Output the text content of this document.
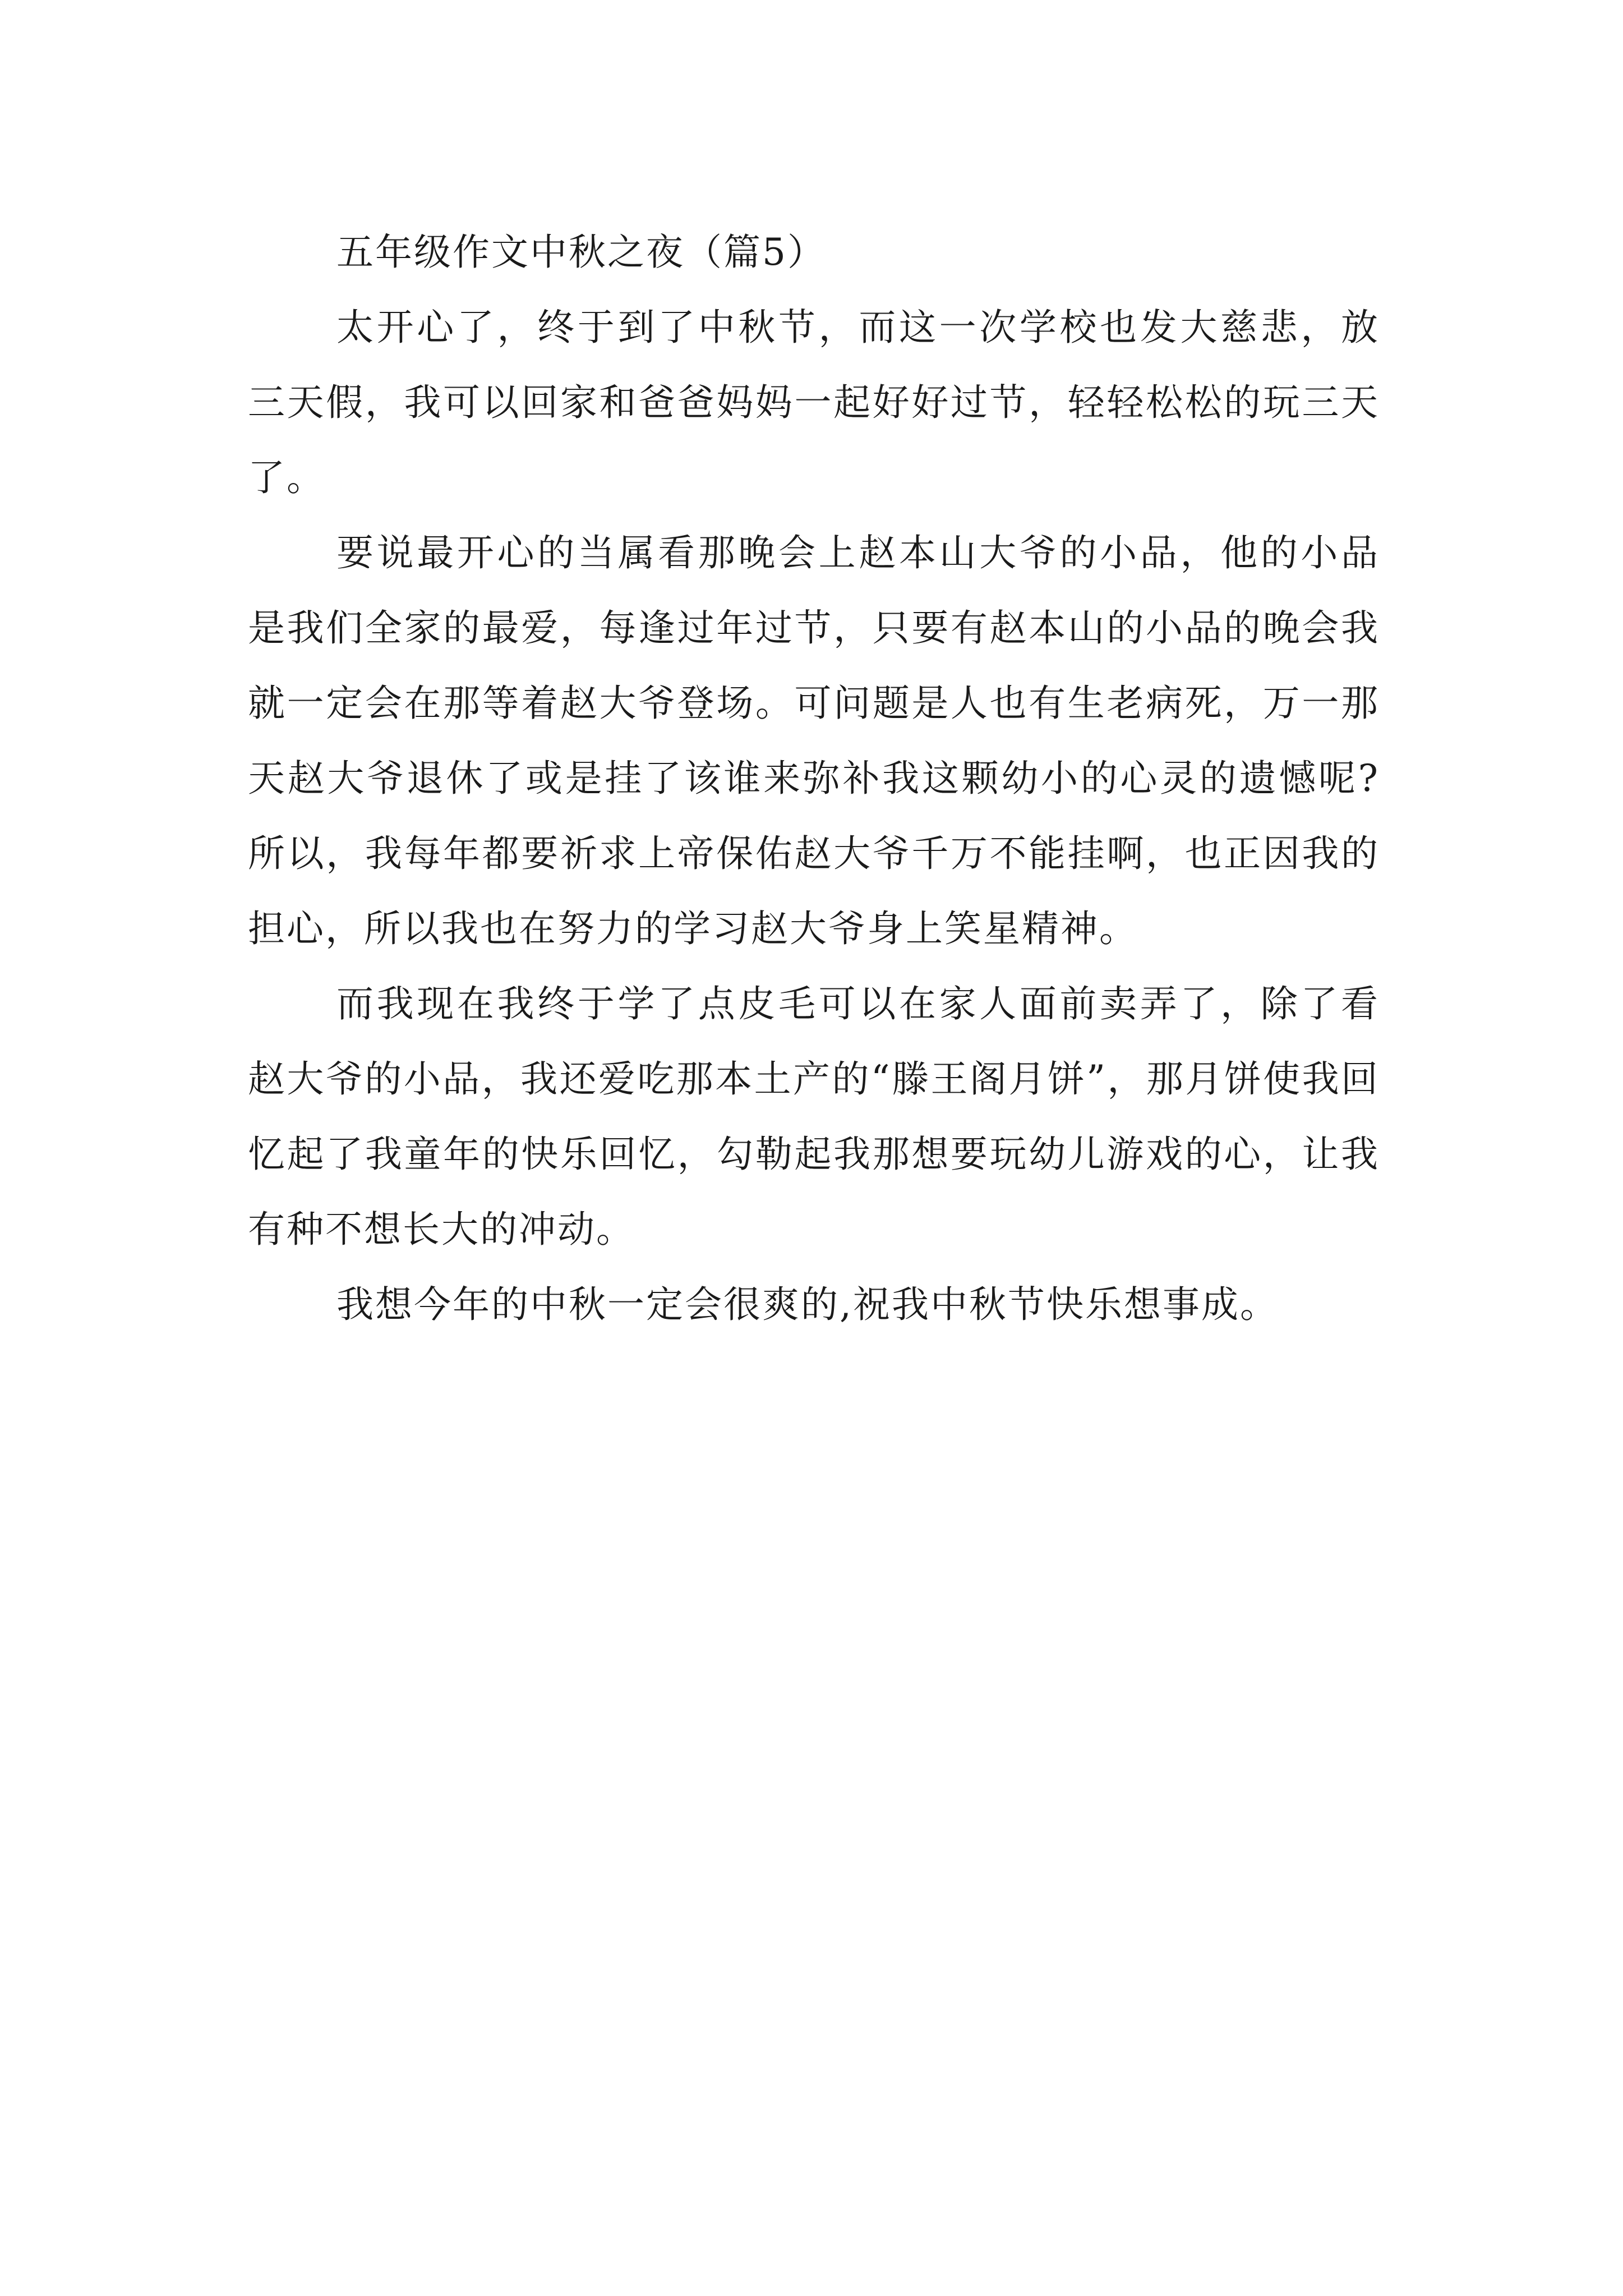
五年级作文中秋之夜（篇5）

太开心了，终于到了中秋节，而这一次学校也发大慈悲，放三天假，我可以回家和爸爸妈妈一起好好过节，轻轻松松的玩三天了。

要说最开心的当属看那晚会上赵本山大爷的小品，他的小品是我们全家的最爱，每逢过年过节，只要有赵本山的小品的晚会我就一定会在那等着赵大爷登场。可问题是人也有生老病死，万一那天赵大爷退休了或是挂了该谁来弥补我这颗幼小的心灵的遗憾呢?所以，我每年都要祈求上帝保佑赵大爷千万不能挂啊，也正因我的担心，所以我也在努力的学习赵大爷身上笑星精神。

而我现在我终于学了点皮毛可以在家人面前卖弄了，除了看赵大爷的小品，我还爱吃那本土产的“滕王阁月饼”，那月饼使我回忆起了我童年的快乐回忆，勾勒起我那想要玩幼儿游戏的心，让我有种不想长大的冲动。

我想今年的中秋一定会很爽的,祝我中秋节快乐想事成。
